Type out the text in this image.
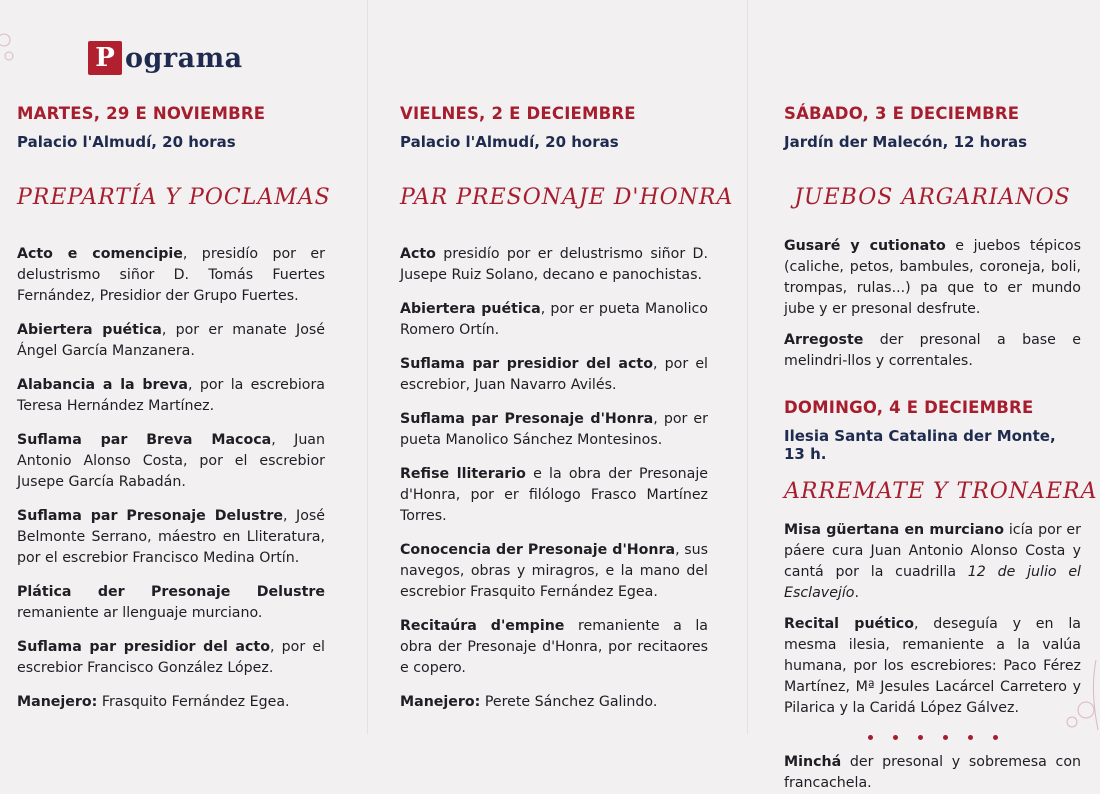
P ograma
MARTES, 29 E NOVIEMBRE
Palacio l'Almudí, 20 horas
PREPARTÍA Y POCLAMAS

Acto e comencipie, presidío por er delustrismo siñor D. Tomás Fuertes Fernández, Presidior der Grupo Fuertes.

Abiertera puética, por er manate José Ángel García Manzanera.

Alabancia a la breva, por la escrebiora Teresa Hernández Martínez.

Suflama par Breva Macoca, Juan Antonio Alonso Costa, por el escrebior Jusepe García Rabadán.

Suflama par Presonaje Delustre, José Belmonte Serrano, máestro en Lliteratura, por el escrebior Francisco Medina Ortín.

Plática der Presonaje Delustre remaniente ar llenguaje murciano.

Suflama par presidior del acto, por el escrebior Francisco González López.

Manejero: Frasquito Fernández Egea.

VIELNES, 2 E DECIEMBRE
Palacio l'Almudí, 20 horas
PAR PRESONAJE D'HONRA

Acto presidío por er delustrismo siñor D. Jusepe Ruiz Solano, decano e panochistas.

Abiertera puética, por er pueta Manolico Romero Ortín.

Suflama par presidior del acto, por el escrebior, Juan Navarro Avilés.

Suflama par Presonaje d'Honra, por er pueta Manolico Sánchez Montesinos.

Refise lliterario e la obra der Presonaje d'Honra, por er filólogo Frasco Martínez Torres.

Conocencia der Presonaje d'Honra, sus navegos, obras y miragros, e la mano del escrebior Frasquito Fernández Egea.

Recitaúra d'empine remaniente a la obra der Presonaje d'Honra, por recitaores e copero.

Manejero: Perete Sánchez Galindo.

SÁBADO, 3 E DECIEMBRE
Jardín der Malecón, 12 horas
JUEBOS ARGARIANOS

Gusaré y cutionato e juebos tépicos (caliche, petos, bambules, coroneja, boli, trompas, rulas...) pa que to er mundo jube y er presonal desfrute.

Arregoste der presonal a base e melindri-llos y correntales.

DOMINGO, 4 E DECIEMBRE
Ilesia Santa Catalina der Monte, 13 h.
ARREMATE Y TRONAERA

Misa güertana en murciano icía por er páere cura Juan Antonio Alonso Costa y cantá por la cuadrilla 12 de julio el Esclavejío.

Recital puético, deseguía y en la mesma ilesia, remaniente a la valúa humana, por los escrebiores: Paco Férez Martínez, Mª Jesules Lacárcel Carretero y Pilarica y la Caridá López Gálvez.

Minchá der presonal y sobremesa con francachela.
